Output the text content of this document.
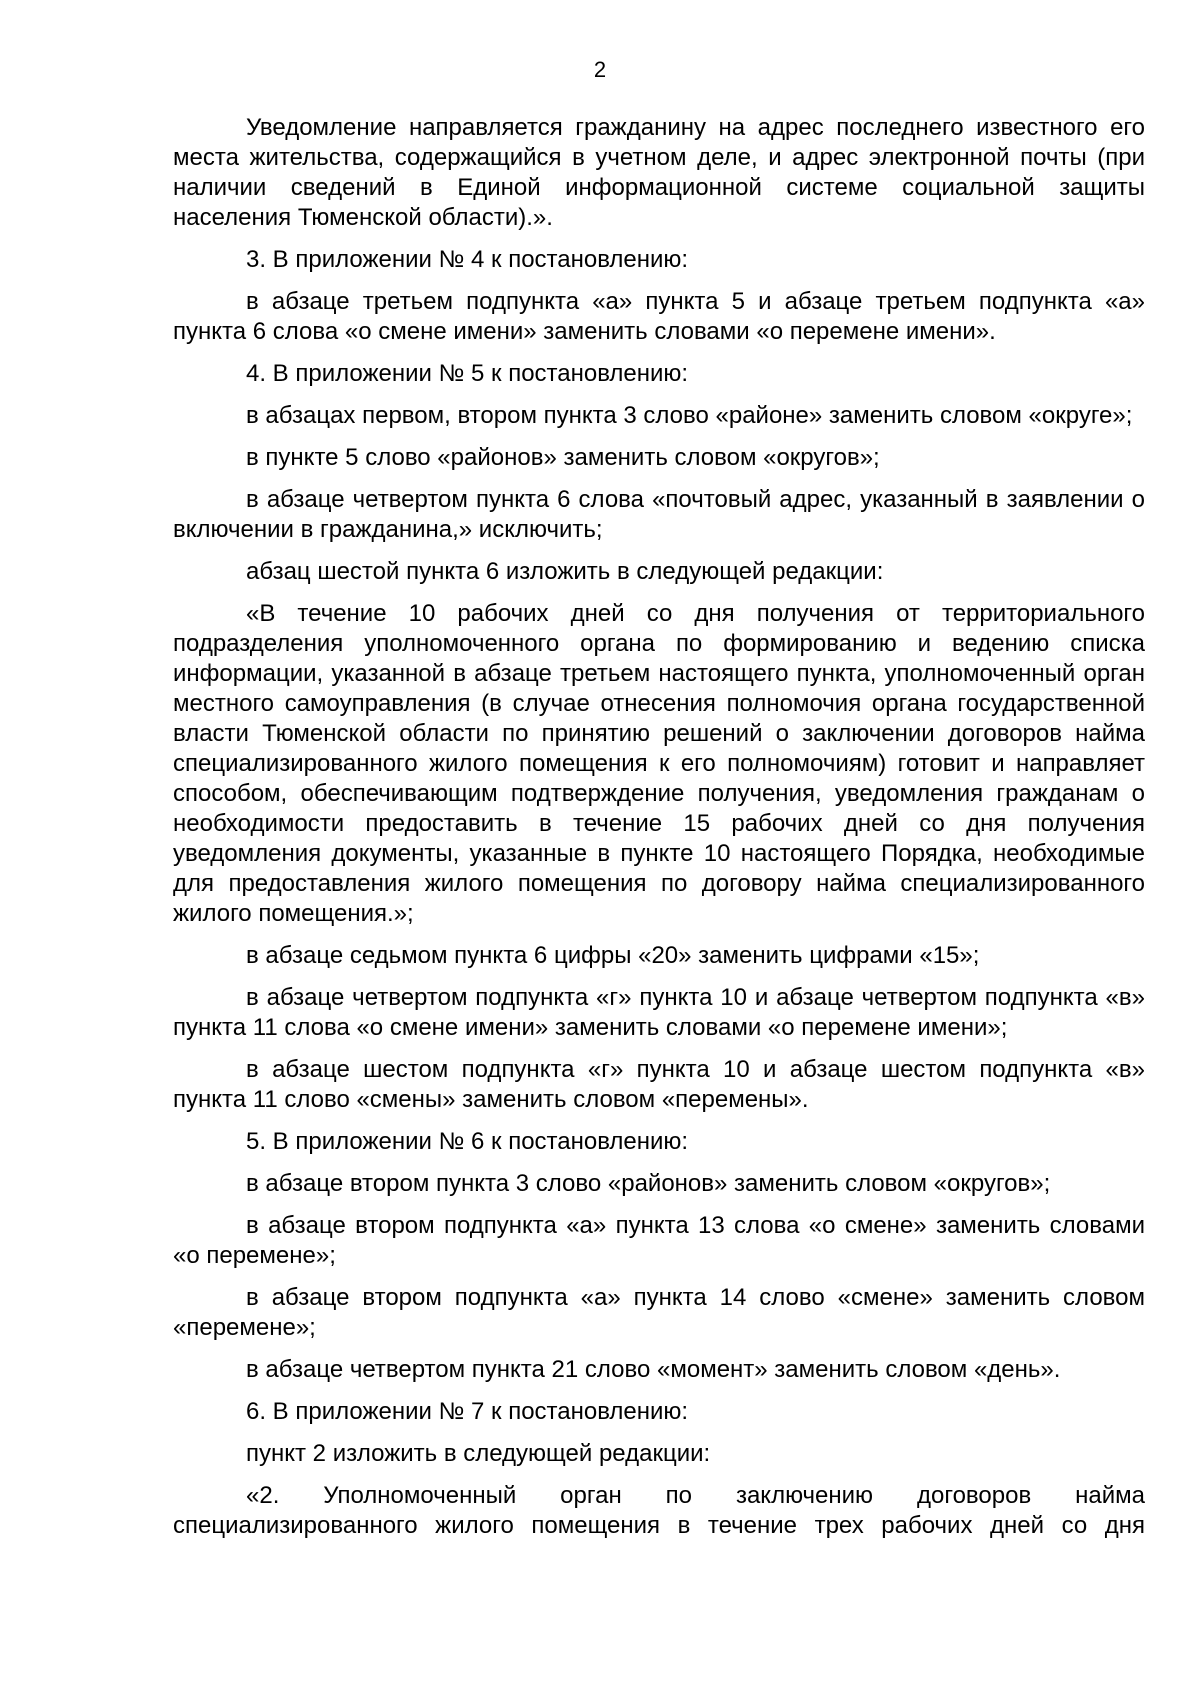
2

Уведомление направляется гражданину на адрес последнего известного его места жительства, содержащийся в учетном деле, и адрес электронной почты (при наличии сведений в Единой информационной системе социальной защиты населения Тюменской области).».

3. В приложении № 4 к постановлению:

в абзаце третьем подпункта «а» пункта 5 и абзаце третьем подпункта «а» пункта 6 слова «о смене имени» заменить словами «о перемене имени».

4. В приложении № 5 к постановлению:

в абзацах первом, втором пункта 3 слово «районе» заменить словом «округе»;

в пункте 5 слово «районов» заменить словом «округов»;

в абзаце четвертом пункта 6 слова «почтовый адрес, указанный в заявлении о включении в гражданина,» исключить;

абзац шестой пункта 6 изложить в следующей редакции:

«В течение 10 рабочих дней со дня получения от территориального подразделения уполномоченного органа по формированию и ведению списка информации, указанной в абзаце третьем настоящего пункта, уполномоченный орган местного самоуправления (в случае отнесения полномочия органа государственной власти Тюменской области по принятию решений о заключении договоров найма специализированного жилого помещения к его полномочиям) готовит и направляет способом, обеспечивающим подтверждение получения, уведомления гражданам о необходимости предоставить в течение 15 рабочих дней со дня получения уведомления документы, указанные в пункте 10 настоящего Порядка, необходимые для предоставления жилого помещения по договору найма специализированного жилого помещения.»;

в абзаце седьмом пункта 6 цифры «20» заменить цифрами «15»;

в абзаце четвертом подпункта «г» пункта 10 и абзаце четвертом подпункта «в» пункта 11 слова «о смене имени» заменить словами «о перемене имени»;

в абзаце шестом подпункта «г» пункта 10 и абзаце шестом подпункта «в» пункта 11 слово «смены» заменить словом «перемены».

5. В приложении № 6 к постановлению:

в абзаце втором пункта 3 слово «районов» заменить словом «округов»;

в абзаце втором подпункта «а» пункта 13 слова «о смене» заменить словами «о перемене»;

в абзаце втором подпункта «а» пункта 14 слово «смене» заменить словом «перемене»;

в абзаце четвертом пункта 21 слово «момент» заменить словом «день».

6. В приложении № 7 к постановлению:

пункт 2 изложить в следующей редакции:

«2. Уполномоченный орган по заключению договоров найма специализированного жилого помещения в течение трех рабочих дней со дня
